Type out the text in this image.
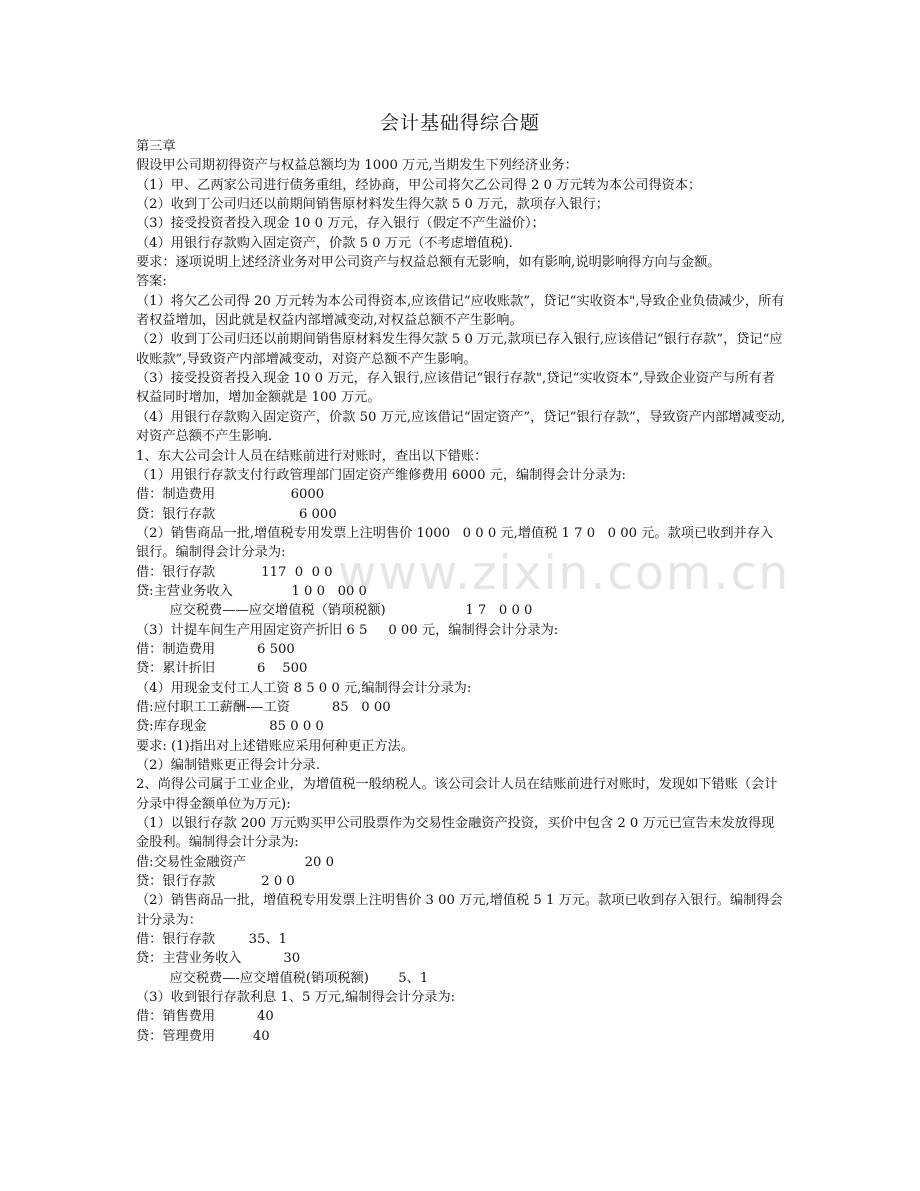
会计基础得综合题
第三章
假设甲公司期初得资产与权益总额均为 1000 万元,当期发生下列经济业务：
（1）甲、乙两家公司进行债务重组，经协商，甲公司将欠乙公司得 2 0 万元转为本公司得资本；
（2）收到丁公司归还以前期间销售原材料发生得欠款 5 0 万元，款项存入银行；
（3）接受投资者投入现金 10 0 万元，存入银行（假定不产生溢价）；
（4）用银行存款购入固定资产，价款 5 0 万元（不考虑增值税).
要求：逐项说明上述经济业务对甲公司资产与权益总额有无影响，如有影响,说明影响得方向与金额。
答案:
（1）将欠乙公司得 20 万元转为本公司得资本,应该借记“应收账款”，贷记“实收资本",导致企业负债减少，所有者权益增加，因此就是权益内部增减变动,对权益总额不产生影响。
（2）收到丁公司归还以前期间销售原材料发生得欠款 5 0 万元,款项已存入银行,应该借记“银行存款”，贷记“应收账款”,导致资产内部增减变动，对资产总额不产生影响。
（3）接受投资者投入现金 10 0 万元，存入银行,应该借记“银行存款",贷记“实收资本”,导致企业资产与所有者权益同时增加，增加金额就是 100 万元。
（4）用银行存款购入固定资产，价款 50 万元,应该借记“固定资产”，贷记“银行存款”，导致资产内部增减变动,对资产总额不产生影响.
1、东大公司会计人员在结账前进行对账时，查出以下错账：
（1）用银行存款支付行政管理部门固定资产维修费用 6000 元，编制得会计分录为:
借：制造费用                  6000
贷：银行存款                    6 000
（2）销售商品一批,增值税专用发票上注明售价 1000   0 0 0 元,增值税 1 7 0   0 00 元。款项已收到并存入银行。编制得会计分录为:
借：银行存款           117  0  0 0
贷:主营业务收入              1 0 0   00 0
应交税费——应交增值税（销项税额)                   1 7   0 0 0
（3）计提车间生产用固定资产折旧 6 5     0 00 元，编制得会计分录为:
借：制造费用          6 500
贷：累计折旧          6    500
（4）用现金支付工人工资 8 5 0 0 元,编制得会计分录为:
借:应付职工工薪酬-—工资          85   0 00
贷:库存现金               85 0 0 0
要求: (1)指出对上述错账应采用何种更正方法。
（2）编制错账更正得会计分录.
2、尚得公司属于工业企业，为增值税一般纳税人。该公司会计人员在结账前进行对账时，发现如下错账（会计分录中得金额单位为万元):
（1）以银行存款 200 万元购买甲公司股票作为交易性金融资产投资，买价中包含 2 0 万元已宣告未发放得现金股利。编制得会计分录为:
借:交易性金融资产              20 0
贷：银行存款           2 0 0
（2）销售商品一批，增值税专用发票上注明售价 3 00 万元,增值税 5 1 万元。款项已收到存入银行。编制得会计分录为：
借：银行存款        35、1
贷：主营业务收入          30
应交税费—-应交增值税(销项税额)       5、1
（3）收到银行存款利息 1、5 万元,编制得会计分录为:
借：销售费用          40
贷：管理费用         40
www.zixin.com.cn
